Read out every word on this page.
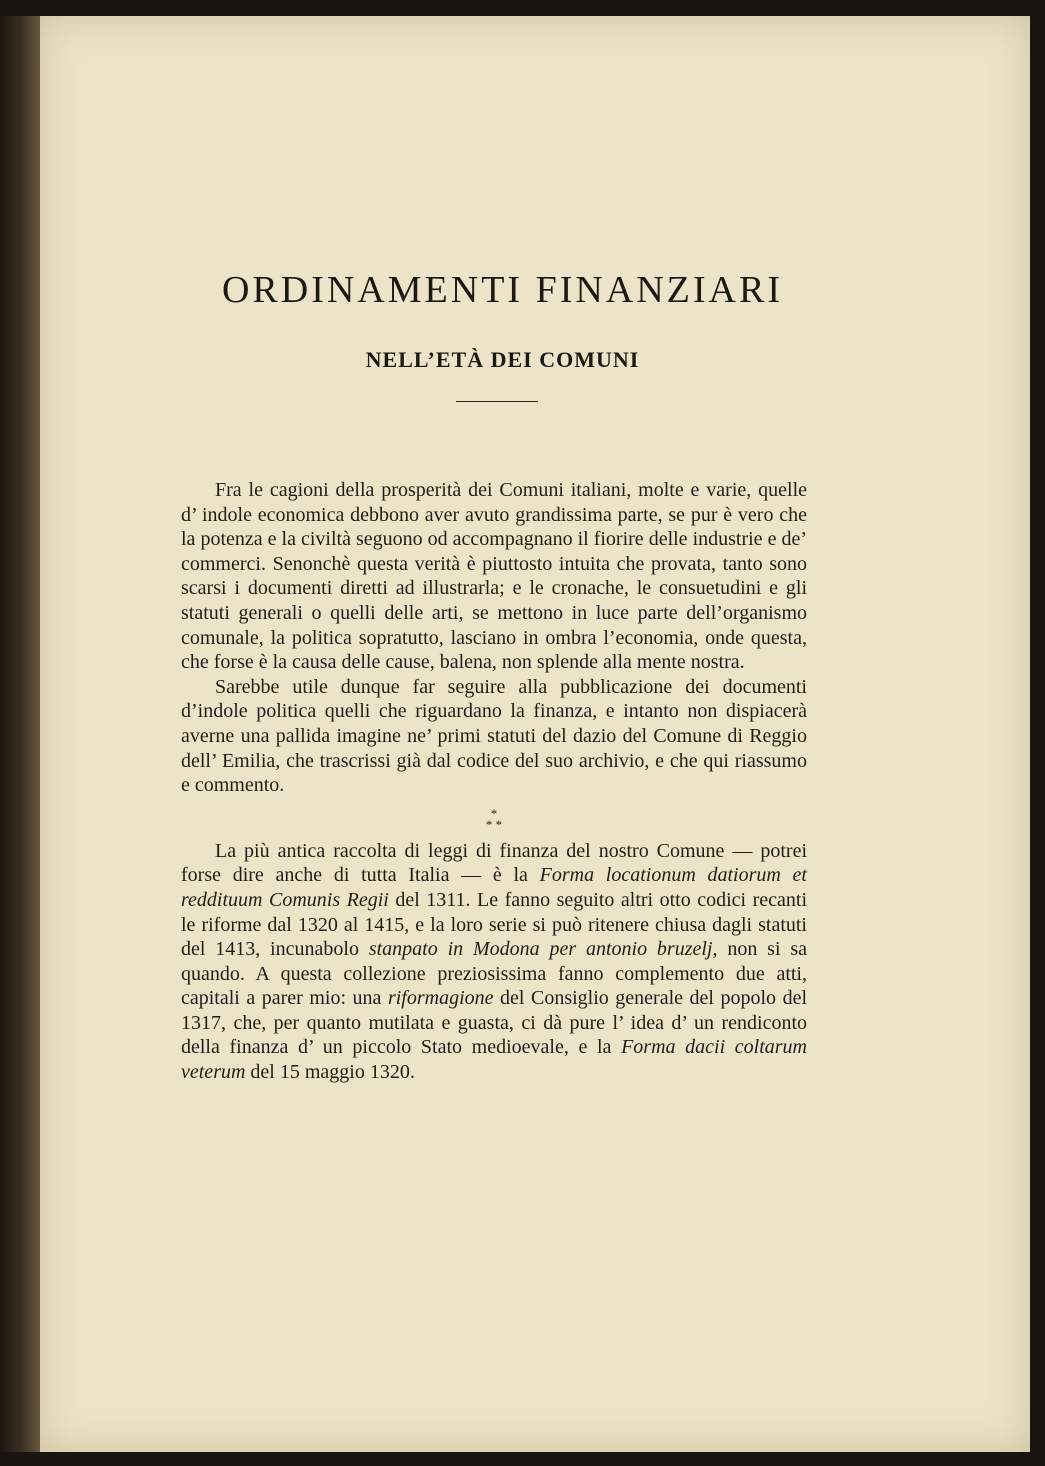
ORDINAMENTI FINANZIARI
NELL’ETÀ DEI COMUNI

Fra le cagioni della prosperità dei Comuni italiani, molte e varie, quelle d’ indole economica debbono aver avuto grandissima parte, se pur è vero che la potenza e la civiltà seguono od accompagnano il fiorire delle industrie e de’ commerci. Senonchè questa verità è piuttosto intuita che provata, tanto sono scarsi i documenti diretti ad illustrarla; e le cronache, le consuetudini e gli statuti generali o quelli delle arti, se mettono in luce parte dell’organismo comunale, la politica sopratutto, lasciano in ombra l’economia, onde questa, che forse è la causa delle cause, balena, non splende alla mente nostra.

Sarebbe utile dunque far seguire alla pubblicazione dei documenti d’indole politica quelli che riguardano la finanza, e intanto non dispiacerà averne una pallida imagine ne’ primi statuti del dazio del Comune di Reggio dell’ Emilia, che trascrissi già dal codice del suo archivio, e che qui riassumo e commento.

*
* *

La più antica raccolta di leggi di finanza del nostro Comune — potrei forse dire anche di tutta Italia — è la Forma locationum datiorum et reddituum Comunis Regii del 1311. Le fanno seguito altri otto codici recanti le riforme dal 1320 al 1415, e la loro serie si può ritenere chiusa dagli statuti del 1413, incunabolo stanpato in Modona per antonio bruzelj, non si sa quando. A questa collezione preziosissima fanno complemento due atti, capitali a parer mio: una riformagione del Consiglio generale del popolo del 1317, che, per quanto mutilata e guasta, ci dà pure l’ idea d’ un rendiconto della finanza d’ un piccolo Stato medioevale, e la Forma dacii coltarum veterum del 15 maggio 1320.
